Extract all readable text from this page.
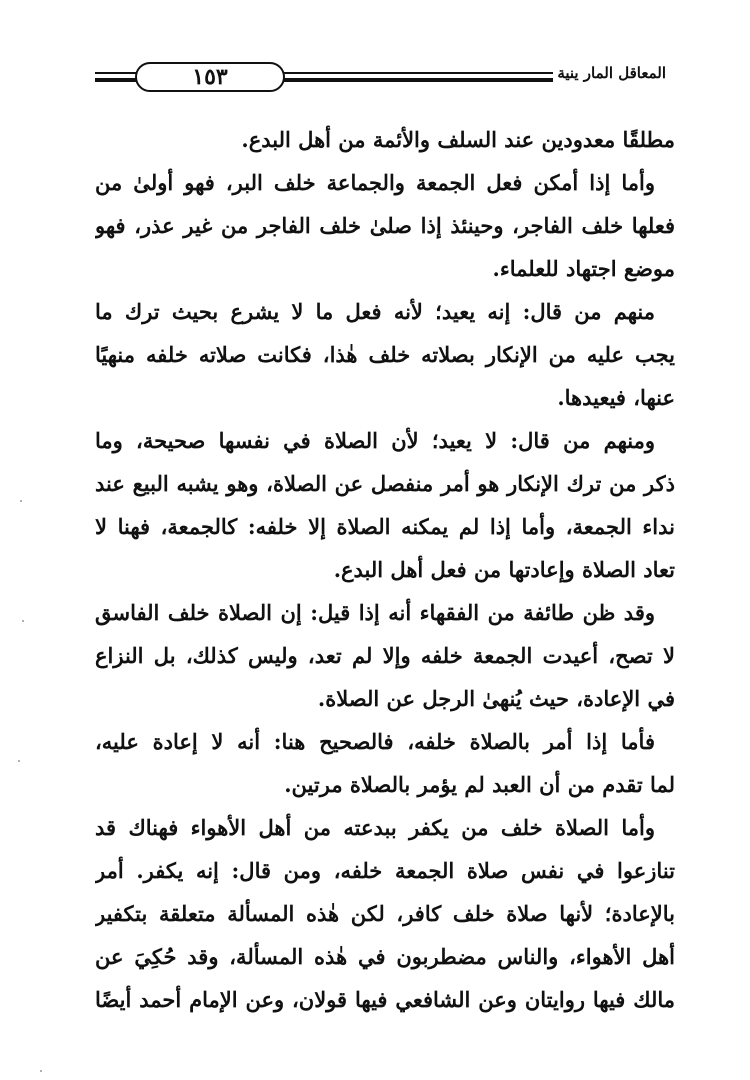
١٥٣	المعاقل المار ينية
مطلقًا معدودين عند السلف والأئمة من أهل البدع.
وأما إذا أمكن فعل الجمعة والجماعة خلف البر، فهو أولىٰ من
فعلها خلف الفاجر، وحينئذ إذا صلىٰ خلف الفاجر من غير عذر، فهو
موضع اجتهاد للعلماء.
منهم من قال: إنه يعيد؛ لأنه فعل ما لا يشرع بحيث ترك ما
يجب عليه من الإنكار بصلاته خلف هٰذا، فكانت صلاته خلفه منهيًا
عنها، فيعيدها.
ومنهم من قال: لا يعيد؛ لأن الصلاة في نفسها صحيحة، وما
ذكر من ترك الإنكار هو أمر منفصل عن الصلاة، وهو يشبه البيع عند
نداء الجمعة، وأما إذا لم يمكنه الصلاة إلا خلفه: كالجمعة، فهنا لا
تعاد الصلاة وإعادتها من فعل أهل البدع.
وقد ظن طائفة من الفقهاء أنه إذا قيل: إن الصلاة خلف الفاسق
لا تصح، أعيدت الجمعة خلفه وإلا لم تعد، وليس كذلك، بل النزاع
في الإعادة، حيث يُنهىٰ الرجل عن الصلاة.
فأما إذا أمر بالصلاة خلفه، فالصحيح هنا: أنه لا إعادة عليه،
لما تقدم من أن العبد لم يؤمر بالصلاة مرتين.
وأما الصلاة خلف من يكفر ببدعته من أهل الأهواء فهناك قد
تنازعوا في نفس صلاة الجمعة خلفه، ومن قال: إنه يكفر. أمر
بالإعادة؛ لأنها صلاة خلف كافر، لكن هٰذه المسألة متعلقة بتكفير
أهل الأهواء، والناس مضطربون في هٰذه المسألة، وقد حُكِيَ عن
مالك فيها روايتان وعن الشافعي فيها قولان، وعن الإمام أحمد أيضًا
